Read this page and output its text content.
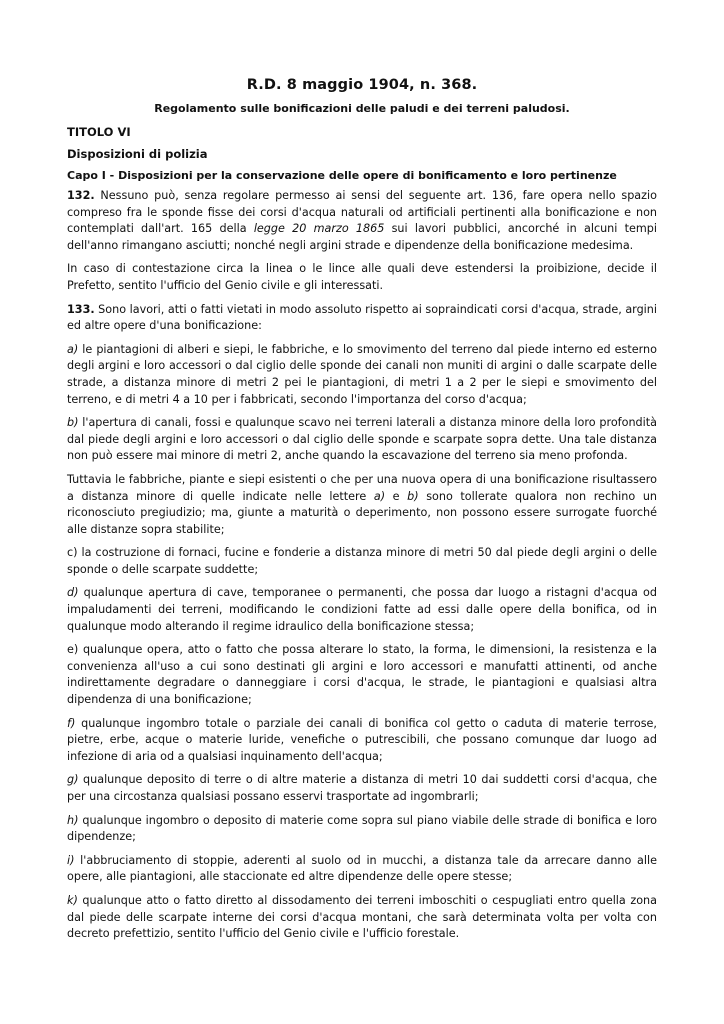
R.D. 8 maggio 1904, n. 368.
Regolamento sulle bonificazioni delle paludi e dei terreni paludosi.
TITOLO VI
Disposizioni di polizia
Capo I - Disposizioni per la conservazione delle opere di bonificamento e loro pertinenze

132. Nessuno può, senza regolare permesso ai sensi del seguente art. 136, fare opera nello spazio compreso fra le sponde fisse dei corsi d'acqua naturali od artificiali pertinenti alla bonificazione e non contemplati dall'art. 165 della legge 20 marzo 1865 sui lavori pubblici, ancorché in alcuni tempi dell'anno rimangano asciutti; nonché negli argini strade e dipendenze della bonificazione medesima.

In caso di contestazione circa la linea o le lince alle quali deve estendersi la proibizione, decide il Prefetto, sentito l'ufficio del Genio civile e gli interessati.

133. Sono lavori, atti o fatti vietati in modo assoluto rispetto ai sopraindicati corsi d'acqua, strade, argini ed altre opere d'una bonificazione:

a) le piantagioni di alberi e siepi, le fabbriche, e lo smovimento del terreno dal piede interno ed esterno degli argini e loro accessori o dal ciglio delle sponde dei canali non muniti di argini o dalle scarpate delle strade, a distanza minore di metri 2 pei le piantagioni, di metri 1 a 2 per le siepi e smovimento del terreno, e di metri 4 a 10 per i fabbricati, secondo l'importanza del corso d'acqua;

b) l'apertura di canali, fossi e qualunque scavo nei terreni laterali a distanza minore della loro profondità dal piede degli argini e loro accessori o dal ciglio delle sponde e scarpate sopra dette. Una tale distanza non può essere mai minore di metri 2, anche quando la escavazione del terreno sia meno profonda.

Tuttavia le fabbriche, piante e siepi esistenti o che per una nuova opera di una bonificazione risultassero a distanza minore di quelle indicate nelle lettere a) e b) sono tollerate qualora non rechino un riconosciuto pregiudizio; ma, giunte a maturità o deperimento, non possono essere surrogate fuorché alle distanze sopra stabilite;

c) la costruzione di fornaci, fucine e fonderie a distanza minore di metri 50 dal piede degli argini o delle sponde o delle scarpate suddette;

d) qualunque apertura di cave, temporanee o permanenti, che possa dar luogo a ristagni d'acqua od impaludamenti dei terreni, modificando le condizioni fatte ad essi dalle opere della bonifica, od in qualunque modo alterando il regime idraulico della bonificazione stessa;

e) qualunque opera, atto o fatto che possa alterare lo stato, la forma, le dimensioni, la resistenza e la convenienza all'uso a cui sono destinati gli argini e loro accessori e manufatti attinenti, od anche indirettamente degradare o danneggiare i corsi d'acqua, le strade, le piantagioni e qualsiasi altra dipendenza di una bonificazione;

f) qualunque ingombro totale o parziale dei canali di bonifica col getto o caduta di materie terrose, pietre, erbe, acque o materie luride, venefiche o putrescibili, che possano comunque dar luogo ad infezione di aria od a qualsiasi inquinamento dell'acqua;

g) qualunque deposito di terre o di altre materie a distanza di metri 10 dai suddetti corsi d'acqua, che per una circostanza qualsiasi possano esservi trasportate ad ingombrarli;

h) qualunque ingombro o deposito di materie come sopra sul piano viabile delle strade di bonifica e loro dipendenze;

i) l'abbruciamento di stoppie, aderenti al suolo od in mucchi, a distanza tale da arrecare danno alle opere, alle piantagioni, alle staccionate ed altre dipendenze delle opere stesse;

k) qualunque atto o fatto diretto al dissodamento dei terreni imboschiti o cespugliati entro quella zona dal piede delle scarpate interne dei corsi d'acqua montani, che sarà determinata volta per volta con decreto prefettizio, sentito l'ufficio del Genio civile e l'ufficio forestale.
